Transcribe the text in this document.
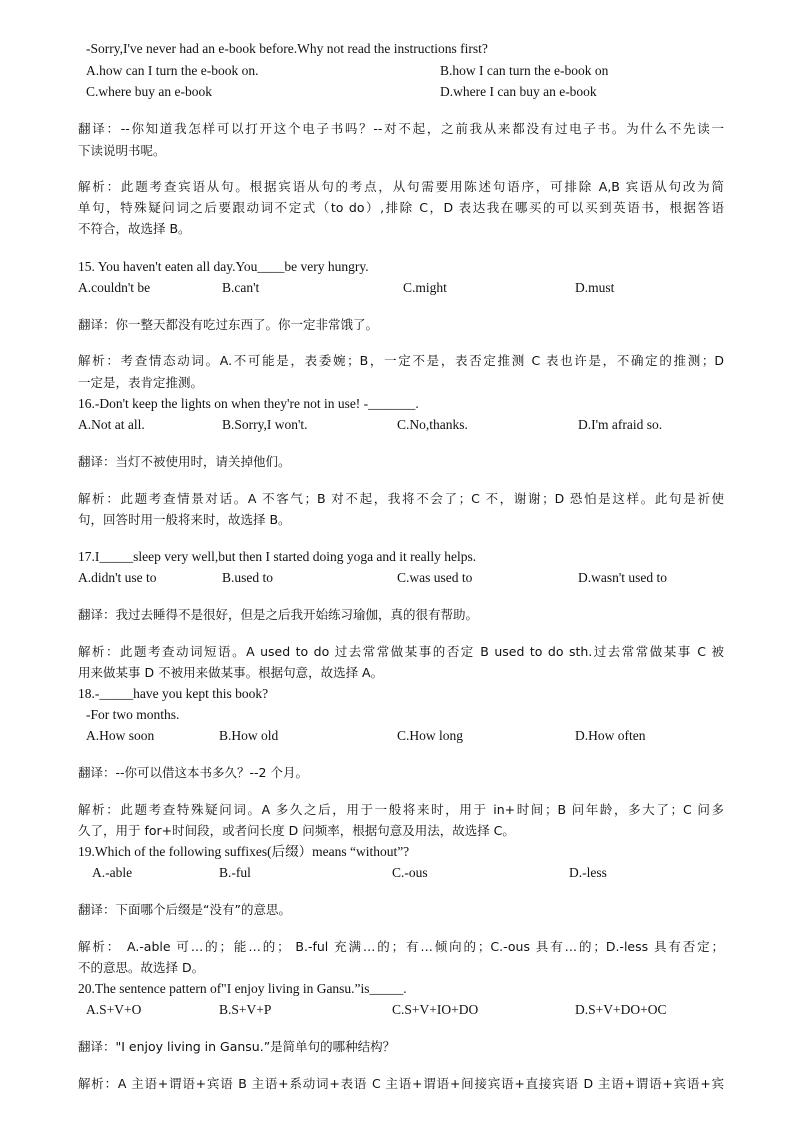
-Sorry,I've never had an e-book before.Why not read the instructions first?
A.how can I turn the e-book on.	B.how I can turn the e-book on
C.where buy an e-book	D.where I can buy an e-book
翻译：--你知道我怎样可以打开这个电子书吗？--对不起，之前我从来都没有过电子书。为什么不先读一
下读说明书呢。
解析：此题考查宾语从句。根据宾语从句的考点，从句需要用陈述句语序，可排除 A,B 宾语从句改为简
单句，特殊疑问词之后要跟动词不定式（to do）,排除 C，D 表达我在哪买的可以买到英语书，根据答语
不符合，故选择 B。
15. You haven't eaten all day.You____be very hungry.
A.couldn't be	B.can't	C.might	D.must
翻译：你一整天都没有吃过东西了。你一定非常饿了。
解析：考查情态动词。A.不可能是，表委婉；B，一定不是，表否定推测 C 表也许是，不确定的推测；D
一定是，表肯定推测。
16.-Don't keep the lights on when they're not in use! -_______.
A.Not at all.	B.Sorry,I won't.	C.No,thanks.	D.I'm afraid so.
翻译：当灯不被使用时，请关掉他们。
解析：此题考查情景对话。A 不客气；B 对不起，我将不会了；C 不，谢谢；D 恐怕是这样。此句是祈使
句，回答时用一般将来时，故选择 B。
17.I_____sleep very well,but then I started doing yoga and it really helps.
A.didn't use to	B.used to	C.was used to	D.wasn't used to
翻译：我过去睡得不是很好，但是之后我开始练习瑜伽，真的很有帮助。
解析：此题考查动词短语。A used to do 过去常常做某事的否定 B used to do sth.过去常常做某事 C 被
用来做某事 D 不被用来做某事。根据句意，故选择 A。
18.-_____have you kept this book?
-For two months.
A.How soon	B.How old	C.How long	D.How often
翻译：--你可以借这本书多久？--2 个月。
解析：此题考查特殊疑问词。A 多久之后，用于一般将来时，用于 in+时间；B 问年龄，多大了；C 问多
久了，用于 for+时间段，或者问长度 D 问频率，根据句意及用法，故选择 C。
19.Which of the following suffixes(后缀）means “without”?
A.-able	B.-ful	C.-ous	D.-less
翻译：下面哪个后缀是“没有”的意思。
解析： A.-able 可…的；能…的； B.-ful 充满…的；有…倾向的；C.-ous 具有…的；D.-less 具有否定；
不的意思。故选择 D。
20.The sentence pattern of"I enjoy living in Gansu.”is_____.
A.S+V+O	B.S+V+P	C.S+V+IO+DO	D.S+V+DO+OC
翻译："I enjoy living in Gansu.”是简单句的哪种结构？
解析：A 主语+谓语+宾语 B 主语+系动词+表语 C 主语+谓语+间接宾语+直接宾语 D 主语+谓语+宾语+宾
